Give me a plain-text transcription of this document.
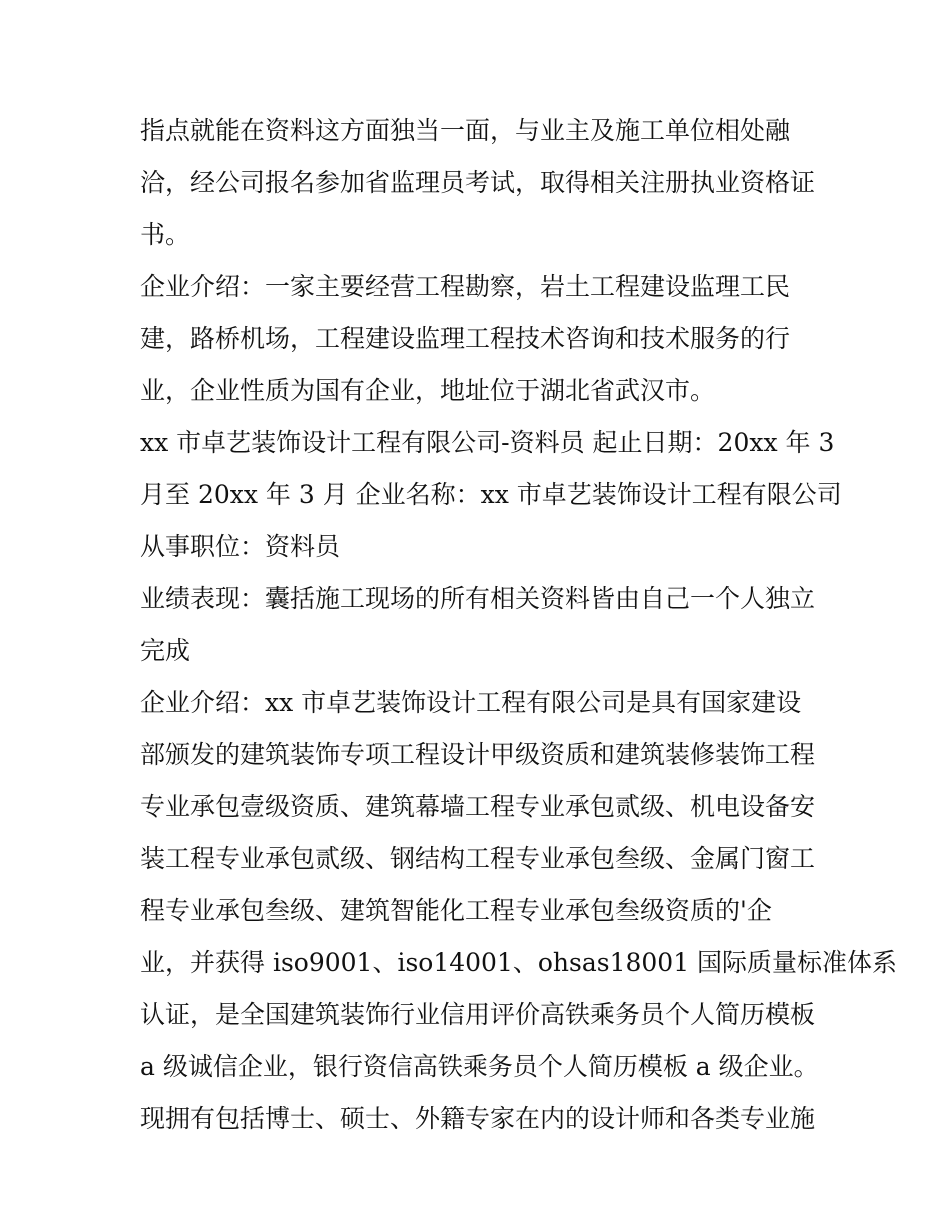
指点就能在资料这方面独当一面，与业主及施工单位相处融

洽，经公司报名参加省监理员考试，取得相关注册执业资格证

书。

企业介绍：一家主要经营工程勘察，岩土工程建设监理工民

建，路桥机场，工程建设监理工程技术咨询和技术服务的行

业，企业性质为国有企业，地址位于湖北省武汉市。

xx 市卓艺装饰设计工程有限公司-资料员 起止日期：20xx 年 3

月至 20xx 年 3 月 企业名称：xx 市卓艺装饰设计工程有限公司

从事职位：资料员

业绩表现：囊括施工现场的所有相关资料皆由自己一个人独立

完成

企业介绍：xx 市卓艺装饰设计工程有限公司是具有国家建设

部颁发的建筑装饰专项工程设计甲级资质和建筑装修装饰工程

专业承包壹级资质、建筑幕墙工程专业承包贰级、机电设备安

装工程专业承包贰级、钢结构工程专业承包叁级、金属门窗工

程专业承包叁级、建筑智能化工程专业承包叁级资质的'企

业，并获得 iso9001、iso14001、ohsas18001 国际质量标准体系

认证，是全国建筑装饰行业信用评价高铁乘务员个人简历模板

a 级诚信企业，银行资信高铁乘务员个人简历模板 a 级企业。

现拥有包括博士、硕士、外籍专家在内的设计师和各类专业施
